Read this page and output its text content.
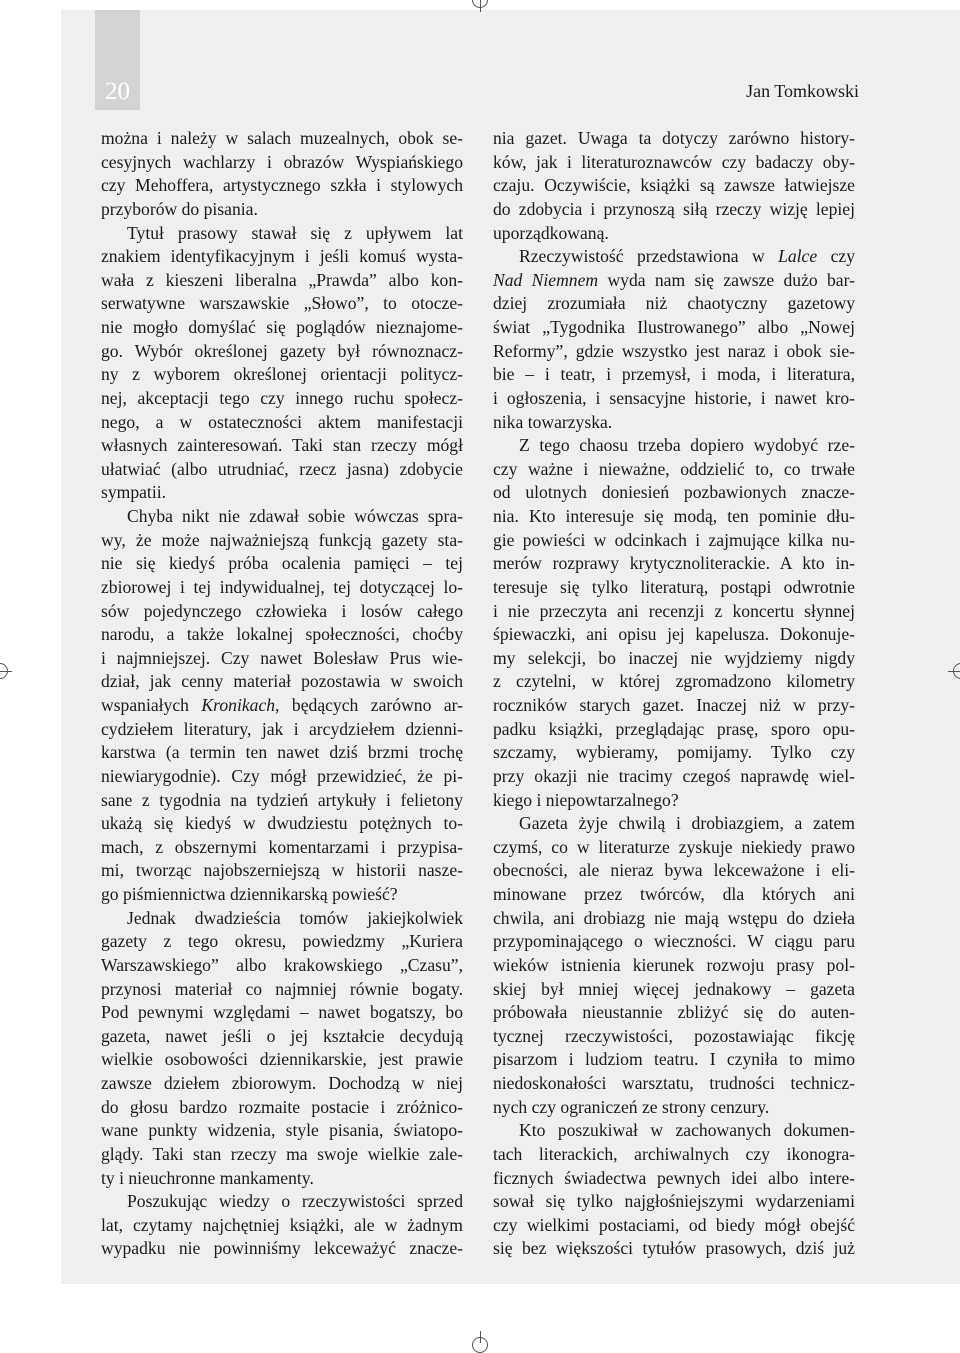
20	Jan Tomkowski

można i należy w salach muzealnych, obok se-
cesyjnych wachlarzy i obrazów Wyspiańskiego
czy Mehoffera, artystycznego szkła i stylowych
przyborów do pisania.

Tytuł prasowy stawał się z upływem lat
znakiem identyfikacyjnym i jeśli komuś wysta-
wała z kieszeni liberalna „Prawda” albo kon-
serwatywne warszawskie „Słowo”, to otocze-
nie mogło domyślać się poglądów nieznajome-
go. Wybór określonej gazety był równoznacz-
ny z wyborem określonej orientacji politycz-
nej, akceptacji tego czy innego ruchu społecz-
nego, a w ostateczności aktem manifestacji
własnych zainteresowań. Taki stan rzeczy mógł
ułatwiać (albo utrudniać, rzecz jasna) zdobycie
sympatii.

Chyba nikt nie zdawał sobie wówczas spra-
wy, że może najważniejszą funkcją gazety sta-
nie się kiedyś próba ocalenia pamięci – tej
zbiorowej i tej indywidualnej, tej dotyczącej lo-
sów pojedynczego człowieka i losów całego
narodu, a także lokalnej społeczności, choćby
i najmniejszej. Czy nawet Bolesław Prus wie-
dział, jak cenny materiał pozostawia w swoich
wspaniałych Kronikach, będących zarówno ar-
cydziełem literatury, jak i arcydziełem dzienni-
karstwa (a termin ten nawet dziś brzmi trochę
niewiarygodnie). Czy mógł przewidzieć, że pi-
sane z tygodnia na tydzień artykuły i felietony
ukażą się kiedyś w dwudziestu potężnych to-
mach, z obszernymi komentarzami i przypisa-
mi, tworząc najobszerniejszą w historii nasze-
go piśmiennictwa dziennikarską powieść?

Jednak dwadzieścia tomów jakiejkolwiek
gazety z tego okresu, powiedzmy „Kuriera
Warszawskiego” albo krakowskiego „Czasu”,
przynosi materiał co najmniej równie bogaty.
Pod pewnymi względami – nawet bogatszy, bo
gazeta, nawet jeśli o jej kształcie decydują
wielkie osobowości dziennikarskie, jest prawie
zawsze dziełem zbiorowym. Dochodzą w niej
do głosu bardzo rozmaite postacie i zróżnico-
wane punkty widzenia, style pisania, światopo-
glądy. Taki stan rzeczy ma swoje wielkie zale-
ty i nieuchronne mankamenty.

Poszukując wiedzy o rzeczywistości sprzed
lat, czytamy najchętniej książki, ale w żadnym
wypadku nie powinniśmy lekceważyć znacze-

nia gazet. Uwaga ta dotyczy zarówno history-
ków, jak i literaturoznawców czy badaczy oby-
czaju. Oczywiście, książki są zawsze łatwiejsze
do zdobycia i przynoszą siłą rzeczy wizję lepiej
uporządkowaną.

Rzeczywistość przedstawiona w Lalce czy
Nad Niemnem wyda nam się zawsze dużo bar-
dziej zrozumiała niż chaotyczny gazetowy
świat „Tygodnika Ilustrowanego” albo „Nowej
Reformy”, gdzie wszystko jest naraz i obok sie-
bie – i teatr, i przemysł, i moda, i literatura,
i ogłoszenia, i sensacyjne historie, i nawet kro-
nika towarzyska.

Z tego chaosu trzeba dopiero wydobyć rze-
czy ważne i nieważne, oddzielić to, co trwałe
od ulotnych doniesień pozbawionych znacze-
nia. Kto interesuje się modą, ten pominie dłu-
gie powieści w odcinkach i zajmujące kilka nu-
merów rozprawy krytycznoliterackie. A kto in-
teresuje się tylko literaturą, postąpi odwrotnie
i nie przeczyta ani recenzji z koncertu słynnej
śpiewaczki, ani opisu jej kapelusza. Dokonuje-
my selekcji, bo inaczej nie wyjdziemy nigdy
z czytelni, w której zgromadzono kilometry
roczników starych gazet. Inaczej niż w przy-
padku książki, przeglądając prasę, sporo opu-
szczamy, wybieramy, pomijamy. Tylko czy
przy okazji nie tracimy czegoś naprawdę wiel-
kiego i niepowtarzalnego?

Gazeta żyje chwilą i drobiazgiem, a zatem
czymś, co w literaturze zyskuje niekiedy prawo
obecności, ale nieraz bywa lekceważone i eli-
minowane przez twórców, dla których ani
chwila, ani drobiazg nie mają wstępu do dzieła
przypominającego o wieczności. W ciągu paru
wieków istnienia kierunek rozwoju prasy pol-
skiej był mniej więcej jednakowy – gazeta
próbowała nieustannie zbliżyć się do auten-
tycznej rzeczywistości, pozostawiając fikcję
pisarzom i ludziom teatru. I czyniła to mimo
niedoskonałości warsztatu, trudności technicz-
nych czy ograniczeń ze strony cenzury.

Kto poszukiwał w zachowanych dokumen-
tach literackich, archiwalnych czy ikonogra-
ficznych świadectwa pewnych idei albo intere-
sował się tylko najgłośniejszymi wydarzeniami
czy wielkimi postaciami, od biedy mógł obejść
się bez większości tytułów prasowych, dziś już
